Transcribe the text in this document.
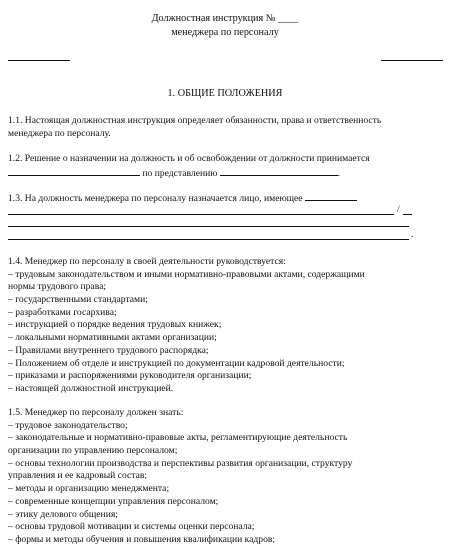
Должностная инструкция № ____
менеджера по персоналу
1. ОБЩИЕ ПОЛОЖЕНИЯ
1.1. Настоящая должностная инструкция определяет обязанности, права и ответственность
менеджера по персоналу.
1.2. Решение о назначении на должность и об освобождении от должности принимается
по представлению	.
1.3. На должность менеджера по персоналу назначается лицо, имеющее
/
.
1.4. Менеджер по персоналу в своей деятельности руководствуется:
– трудовым законодательством и иными нормативно-правовыми актами, содержащими
нормы трудового права;
– государственными стандартами;
– разработками госархива;
– инструкцией о порядке ведения трудовых книжек;
– локальными нормативными актами организации;
– Правилами внутреннего трудового распорядка;
– Положением об отделе и инструкцией по документации кадровой деятельности;
– приказами и распоряжениями руководителя организации;
– настоящей должностной инструкцией.
1.5. Менеджер по персоналу должен знать:
– трудовое законодательство;
– законодательные и нормативно-правовые акты, регламентирующие деятельность
организации по управлению персоналом;
– основы технологии производства и перспективы развития организации, структуру
управления и ее кадровый состав;
– методы и организацию менеджмента;
– современные концепции управления персоналом;
– этику делового общения;
– основы трудовой мотивации и системы оценки персонала;
– формы и методы обучения и повышения квалификации кадров;
